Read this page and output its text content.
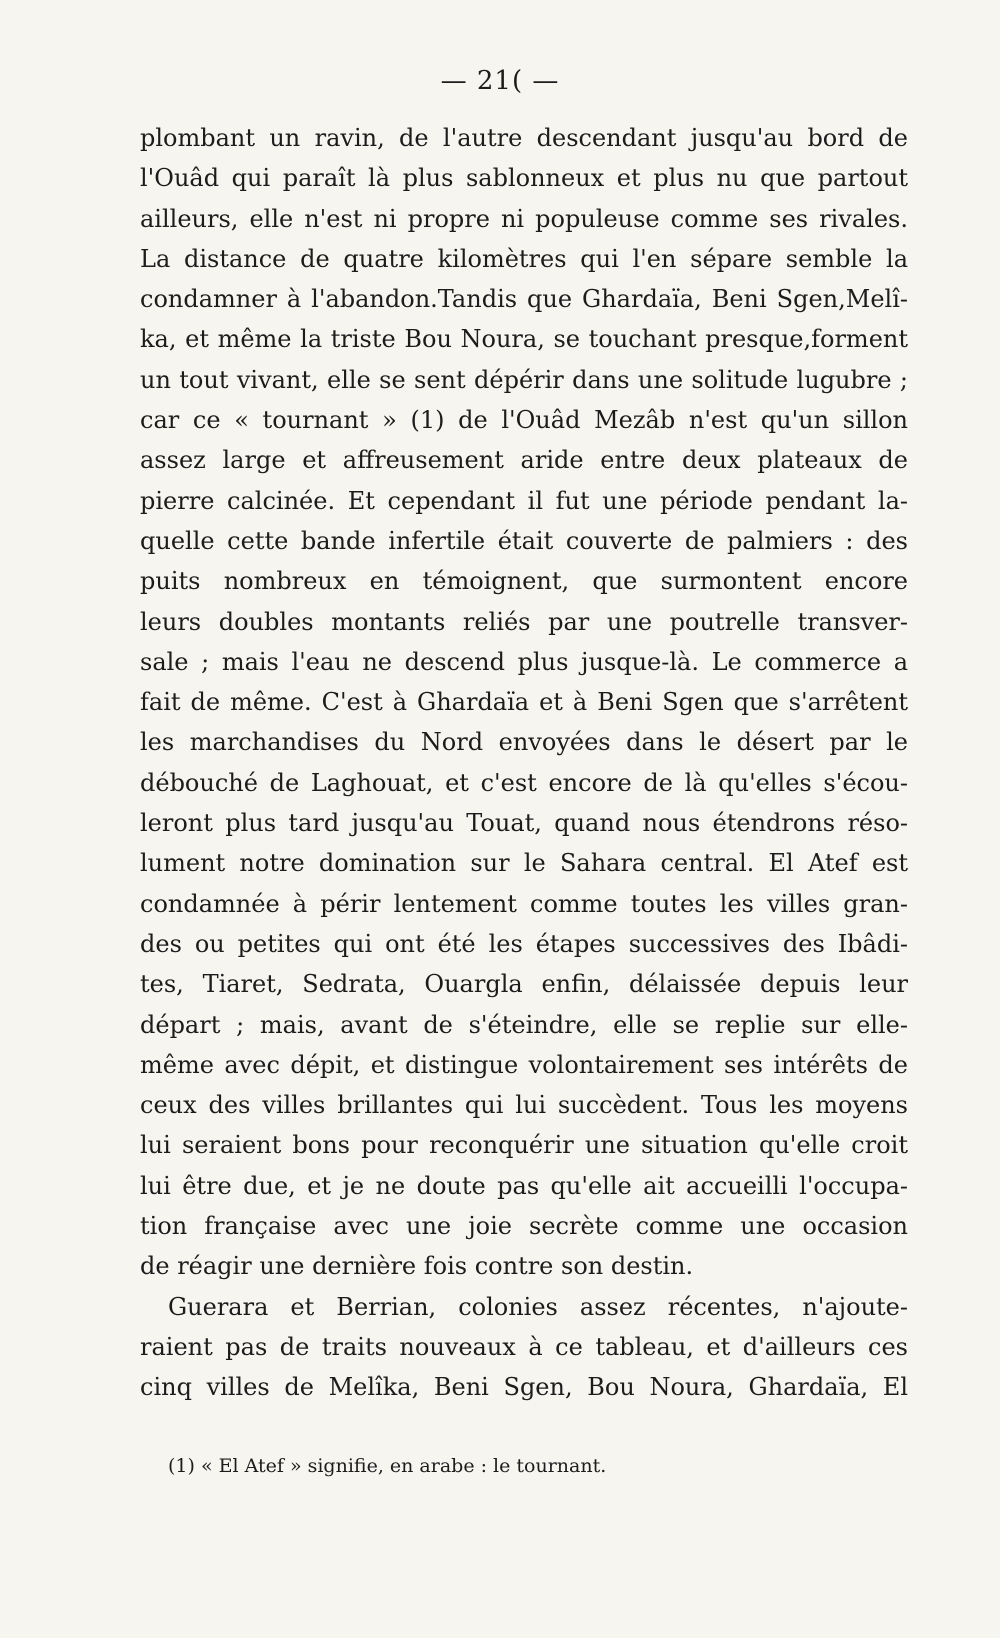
— 21( —
plombant un ravin, de l'autre descendant jusqu'au bord de
l'Ouâd qui paraît là plus sablonneux et plus nu que partout
ailleurs, elle n'est ni propre ni populeuse comme ses rivales.
La distance de quatre kilomètres qui l'en sépare semble la
condamner à l'abandon.Tandis que Ghardaïa, Beni Sgen,Melî-
ka, et même la triste Bou Noura, se touchant presque,forment
un tout vivant, elle se sent dépérir dans une solitude lugubre ;
car ce « tournant » (1) de l'Ouâd Mezâb n'est qu'un sillon
assez large et affreusement aride entre deux plateaux de
pierre calcinée. Et cependant il fut une période pendant la-
quelle cette bande infertile était couverte de palmiers : des
puits nombreux en témoignent, que surmontent encore
leurs doubles montants reliés par une poutrelle transver-
sale ; mais l'eau ne descend plus jusque-là. Le commerce a
fait de même. C'est à Ghardaïa et à Beni Sgen que s'arrêtent
les marchandises du Nord envoyées dans le désert par le
débouché de Laghouat, et c'est encore de là qu'elles s'écou-
leront plus tard jusqu'au Touat, quand nous étendrons réso-
lument notre domination sur le Sahara central. El Atef est
condamnée à périr lentement comme toutes les villes gran-
des ou petites qui ont été les étapes successives des Ibâdi-
tes, Tiaret, Sedrata, Ouargla enfin, délaissée depuis leur
départ ; mais, avant de s'éteindre, elle se replie sur elle-
même avec dépit, et distingue volontairement ses intérêts de
ceux des villes brillantes qui lui succèdent. Tous les moyens
lui seraient bons pour reconquérir une situation qu'elle croit
lui être due, et je ne doute pas qu'elle ait accueilli l'occupa-
tion française avec une joie secrète comme une occasion
de réagir une dernière fois contre son destin.
Guerara et Berrian, colonies assez récentes, n'ajoute-
raient pas de traits nouveaux à ce tableau, et d'ailleurs ces
cinq villes de Melîka, Beni Sgen, Bou Noura, Ghardaïa, El
(1) « El Atef » signifie, en arabe : le tournant.
